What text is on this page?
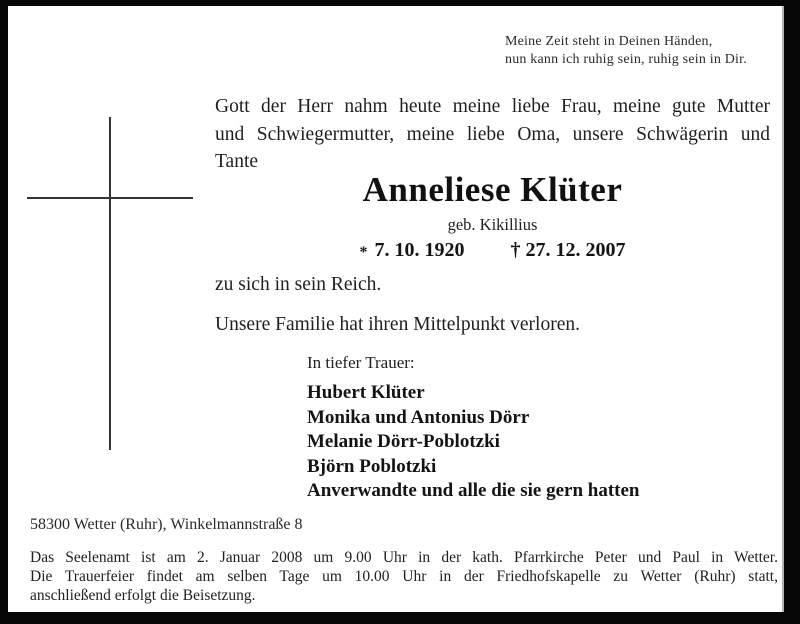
Meine Zeit steht in Deinen Händen,
nun kann ich ruhig sein, ruhig sein in Dir.
Gott der Herr nahm heute meine liebe Frau, meine gute Mutter
und Schwiegermutter, meine liebe Oma, unsere Schwägerin und
Tante
Anneliese Klüter
geb. Kikillius
* 7. 10. 1920 † 27. 12. 2007
zu sich in sein Reich.
Unsere Familie hat ihren Mittelpunkt verloren.
In tiefer Trauer:
Hubert Klüter
Monika und Antonius Dörr
Melanie Dörr-Poblotzki
Björn Poblotzki
Anverwandte und alle die sie gern hatten
58300 Wetter (Ruhr), Winkelmannstraße 8
Das Seelenamt ist am 2. Januar 2008 um 9.00 Uhr in der kath. Pfarrkirche Peter und Paul in Wetter.
Die Trauerfeier findet am selben Tage um 10.00 Uhr in der Friedhofskapelle zu Wetter (Ruhr) statt,
anschließend erfolgt die Beisetzung.
